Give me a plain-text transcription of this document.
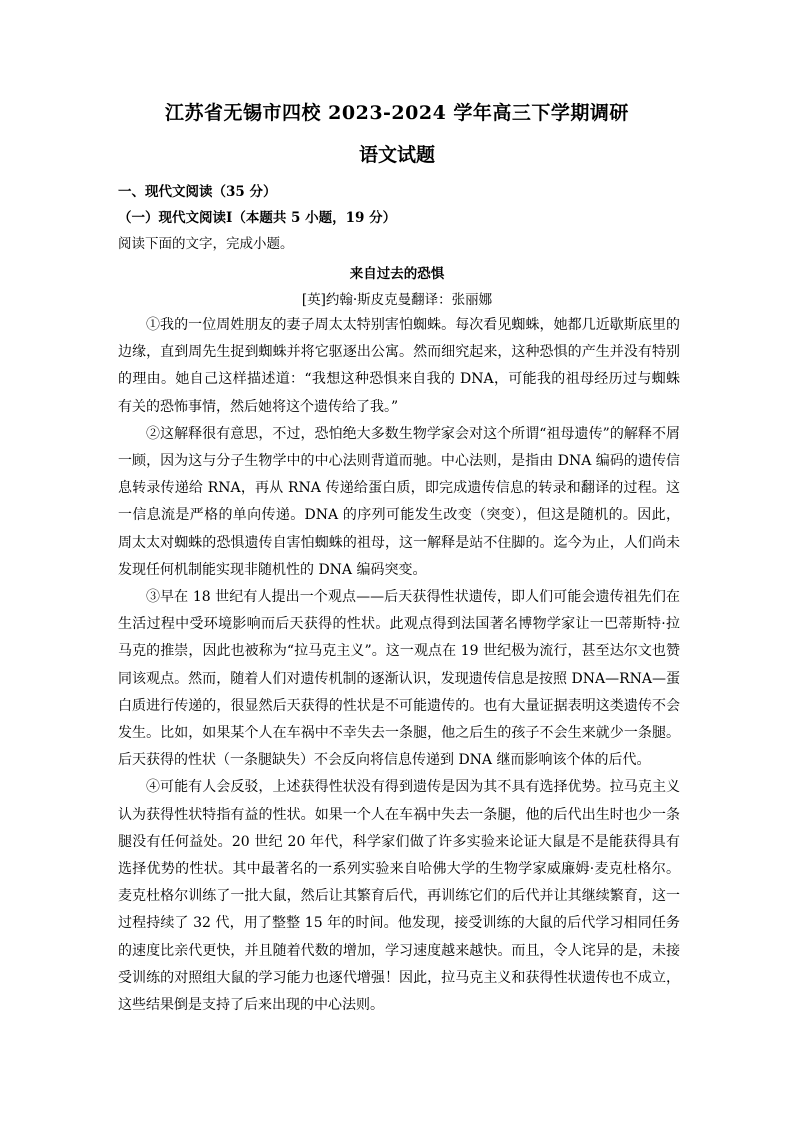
江苏省无锡市四校 2023-2024 学年高三下学期调研
语文试题
一、现代文阅读（35 分）
（一）现代文阅读Ⅰ（本题共 5 小题，19 分）
阅读下面的文字，完成小题。
来自过去的恐惧
[英]约翰·斯皮克曼翻译：张丽娜

①我的一位周姓朋友的妻子周太太特别害怕蜘蛛。每次看见蜘蛛，她都几近歇斯底里的边缘，直到周先生捉到蜘蛛并将它驱逐出公寓。然而细究起来，这种恐惧的产生并没有特别的理由。她自己这样描述道：“我想这种恐惧来自我的 DNA，可能我的祖母经历过与蜘蛛有关的恐怖事情，然后她将这个遗传给了我。”

②这解释很有意思，不过，恐怕绝大多数生物学家会对这个所谓“祖母遗传”的解释不屑一顾，因为这与分子生物学中的中心法则背道而驰。中心法则，是指由 DNA 编码的遗传信息转录传递给 RNA，再从 RNA 传递给蛋白质，即完成遗传信息的转录和翻译的过程。这一信息流是严格的单向传递。DNA 的序列可能发生改变（突变），但这是随机的。因此，周太太对蜘蛛的恐惧遗传自害怕蜘蛛的祖母，这一解释是站不住脚的。迄今为止，人们尚未发现任何机制能实现非随机性的 DNA 编码突变。

③早在 18 世纪有人提出一个观点——后天获得性状遗传，即人们可能会遗传祖先们在生活过程中受环境影响而后天获得的性状。此观点得到法国著名博物学家让一巴蒂斯特·拉马克的推崇，因此也被称为“拉马克主义”。这一观点在 19 世纪极为流行，甚至达尔文也赞同该观点。然而，随着人们对遗传机制的逐渐认识，发现遗传信息是按照 DNA—RNA—蛋白质进行传递的，很显然后天获得的性状是不可能遗传的。也有大量证据表明这类遗传不会发生。比如，如果某个人在车祸中不幸失去一条腿，他之后生的孩子不会生来就少一条腿。后天获得的性状（一条腿缺失）不会反向将信息传递到 DNA 继而影响该个体的后代。

④可能有人会反驳，上述获得性状没有得到遗传是因为其不具有选择优势。拉马克主义认为获得性状特指有益的性状。如果一个人在车祸中失去一条腿，他的后代出生时也少一条腿没有任何益处。20 世纪 20 年代，科学家们做了许多实验来论证大鼠是不是能获得具有选择优势的性状。其中最著名的一系列实验来自哈佛大学的生物学家威廉姆·麦克杜格尔。麦克杜格尔训练了一批大鼠，然后让其繁育后代，再训练它们的后代并让其继续繁育，这一过程持续了 32 代，用了整整 15 年的时间。他发现，接受训练的大鼠的后代学习相同任务的速度比亲代更快，并且随着代数的增加，学习速度越来越快。而且，令人诧异的是，未接受训练的对照组大鼠的学习能力也逐代增强！因此，拉马克主义和获得性状遗传也不成立，这些结果倒是支持了后来出现的中心法则。
